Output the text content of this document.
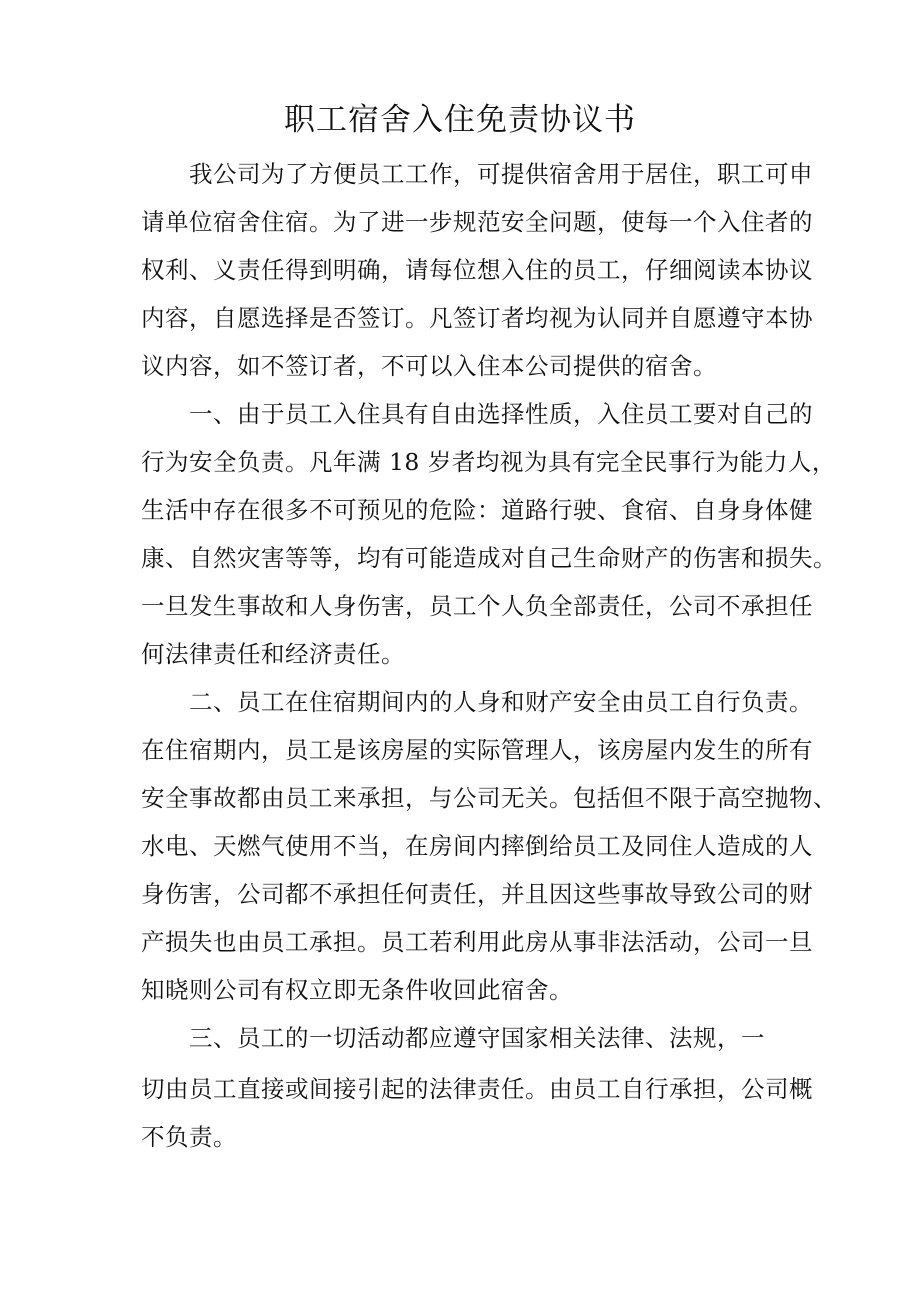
职工宿舍入住免责协议书
我公司为了方便员工工作，可提供宿舍用于居住，职工可申
请单位宿舍住宿。为了进一步规范安全问题，使每一个入住者的
权利、义责任得到明确，请每位想入住的员工，仔细阅读本协议
内容，自愿选择是否签订。凡签订者均视为认同并自愿遵守本协
议内容，如不签订者，不可以入住本公司提供的宿舍。
一、由于员工入住具有自由选择性质，入住员工要对自己的
行为安全负责。凡年满 18 岁者均视为具有完全民事行为能力人，
生活中存在很多不可预见的危险：道路行驶、食宿、自身身体健
康、自然灾害等等，均有可能造成对自己生命财产的伤害和损失。
一旦发生事故和人身伤害，员工个人负全部责任，公司不承担任
何法律责任和经济责任。
二、员工在住宿期间内的人身和财产安全由员工自行负责。
在住宿期内，员工是该房屋的实际管理人，该房屋内发生的所有
安全事故都由员工来承担，与公司无关。包括但不限于高空抛物、
水电、天燃气使用不当，在房间内摔倒给员工及同住人造成的人
身伤害，公司都不承担任何责任，并且因这些事故导致公司的财
产损失也由员工承担。员工若利用此房从事非法活动，公司一旦
知晓则公司有权立即无条件收回此宿舍。
三、员工的一切活动都应遵守国家相关法律、法规，一
切由员工直接或间接引起的法律责任。由员工自行承担，公司概
不负责。
